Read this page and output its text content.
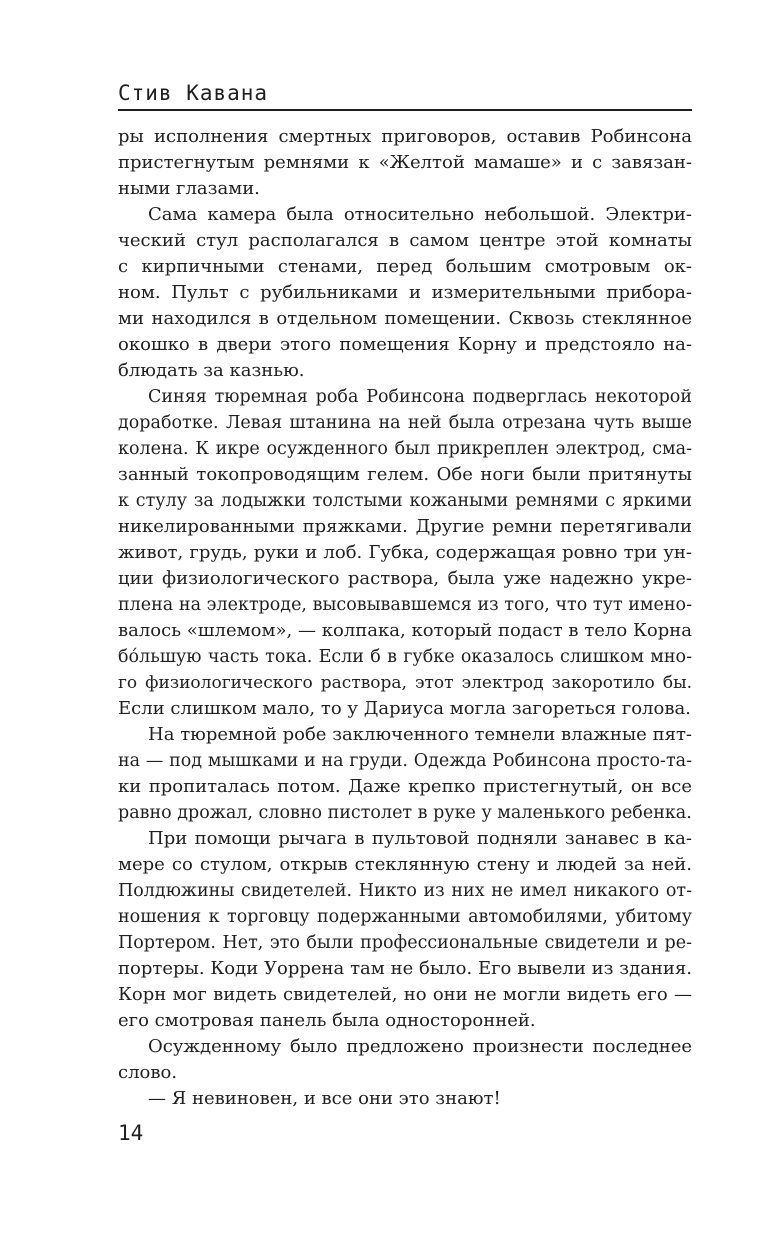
Стив Кавана
ры исполнения смертных приговоров, оставив Робинсона
пристегнутым ремнями к «Желтой мамаше» и с завязан-
ными глазами.
Сама камера была относительно небольшой. Электри-
ческий стул располагался в самом центре этой комнаты
с кирпичными стенами, перед большим смотровым ок-
ном. Пульт с рубильниками и измерительными прибора-
ми находился в отдельном помещении. Сквозь стеклянное
окошко в двери этого помещения Корну и предстояло на-
блюдать за казнью.
Синяя тюремная роба Робинсона подверглась некоторой
доработке. Левая штанина на ней была отрезана чуть выше
колена. К икре осужденного был прикреплен электрод, сма-
занный токопроводящим гелем. Обе ноги были притянуты
к стулу за лодыжки толстыми кожаными ремнями с яркими
никелированными пряжками. Другие ремни перетягивали
живот, грудь, руки и лоб. Губка, содержащая ровно три ун-
ции физиологического раствора, была уже надежно укре-
плена на электроде, высовывавшемся из того, что тут имено-
валось «шлемом», — колпака, который подаст в тело Корна
бóльшую часть тока. Если б в губке оказалось слишком мно-
го физиологического раствора, этот электрод закоротило бы.
Если слишком мало, то у Дариуса могла загореться голова.
На тюремной робе заключенного темнели влажные пят-
на — под мышками и на груди. Одежда Робинсона просто-та-
ки пропиталась потом. Даже крепко пристегнутый, он все
равно дрожал, словно пистолет в руке у маленького ребенка.
При помощи рычага в пультовой подняли занавес в ка-
мере со стулом, открыв стеклянную стену и людей за ней.
Полдюжины свидетелей. Никто из них не имел никакого от-
ношения к торговцу подержанными автомобилями, убитому
Портером. Нет, это были профессиональные свидетели и ре-
портеры. Коди Уоррена там не было. Его вывели из здания.
Корн мог видеть свидетелей, но они не могли видеть его —
его смотровая панель была односторонней.
Осужденному было предложено произнести последнее
слово.
— Я невиновен, и все они это знают!
14
